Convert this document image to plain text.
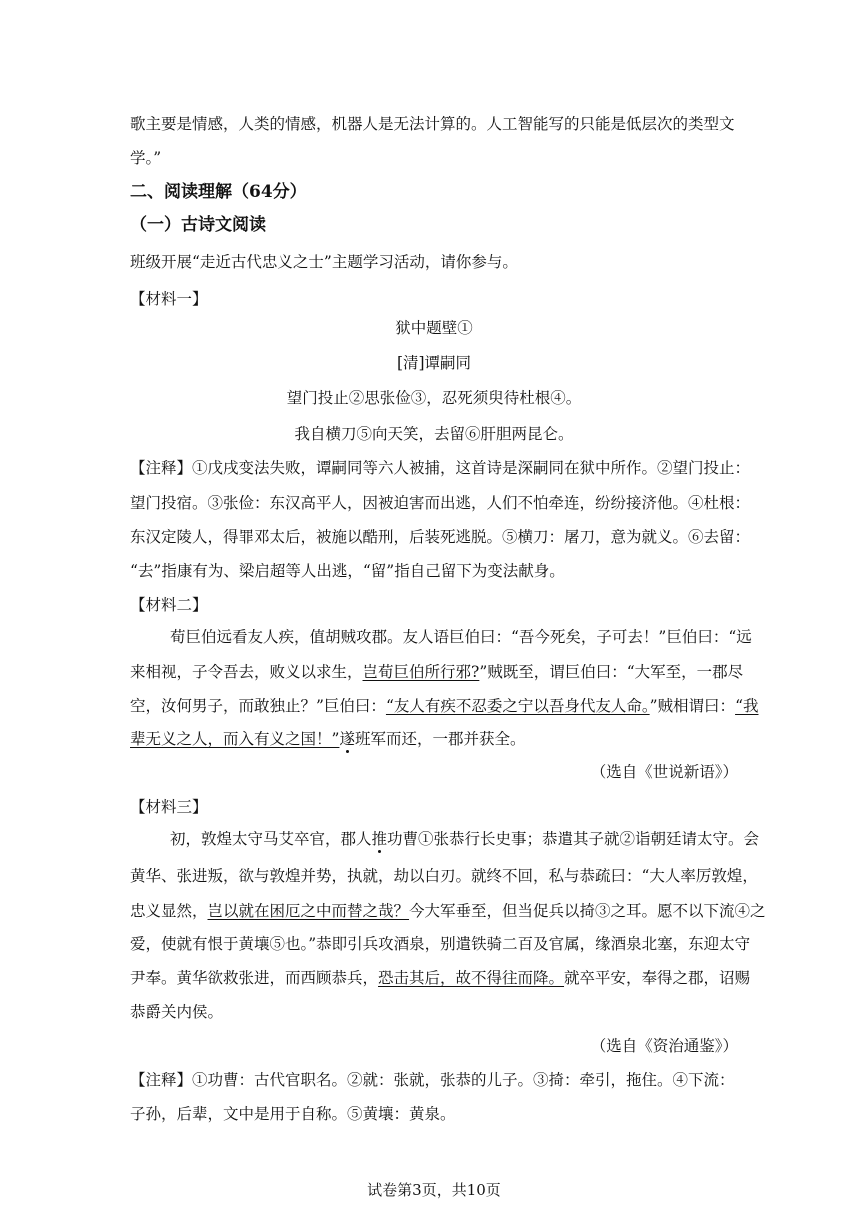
歌主要是情感，人类的情感，机器人是无法计算的。人工智能写的只能是低层次的类型文
学。”
二、阅读理解（64分）
（一）古诗文阅读
班级开展“走近古代忠义之士”主题学习活动，请你参与。
【材料一】
狱中题壁①
[清]谭嗣同
望门投止②思张俭③，忍死须臾待杜根④。
我自横刀⑤向天笑，去留⑥肝胆两昆仑。
【注释】①戊戌变法失败，谭嗣同等六人被捕，这首诗是深嗣同在狱中所作。②望门投止：
望门投宿。③张俭：东汉高平人，因被迫害而出逃，人们不怕牵连，纷纷接济他。④杜根：
东汉定陵人，得罪邓太后，被施以酷刑，后装死逃脱。⑤横刀：屠刀，意为就义。⑥去留：
“去”指康有为、梁启超等人出逃，“留”指自己留下为变法献身。
【材料二】
荀巨伯远看友人疾，值胡贼攻郡。友人语巨伯曰：“吾今死矣，子可去！”巨伯曰：“远
来相视，子令吾去，败义以求生，岂荀巨伯所行邪?”贼既至，谓巨伯曰：“大军至，一郡尽
空，汝何男子，而敢独止？”巨伯曰：“友人有疾不忍委之宁以吾身代友人命。”贼相谓曰：“我
辈无义之人，而入有义之国！”遂班军而还，一郡并获全。
（选自《世说新语》）
【材料三】
初，敦煌太守马艾卒官，郡人推功曹①张恭行长史事；恭遣其子就②诣朝廷请太守。会
黄华、张进叛，欲与敦煌并势，执就，劫以白刃。就终不回，私与恭疏曰：“大人率厉敦煌，
忠义显然，岂以就在困厄之中而替之哉？今大军垂至，但当促兵以掎③之耳。愿不以下流④之
爱，使就有恨于黄壤⑤也。”恭即引兵攻酒泉，别遣铁骑二百及官属，缘酒泉北塞，东迎太守
尹奉。黄华欲救张进，而西顾恭兵，恐击其后，故不得往而降。就卒平安，奉得之郡，诏赐
恭爵关内侯。
（选自《资治通鉴》）
【注释】①功曹：古代官职名。②就：张就，张恭的儿子。③掎：牵引，拖住。④下流：
子孙，后辈，文中是用于自称。⑤黄壤：黄泉。
试卷第3页，共10页
